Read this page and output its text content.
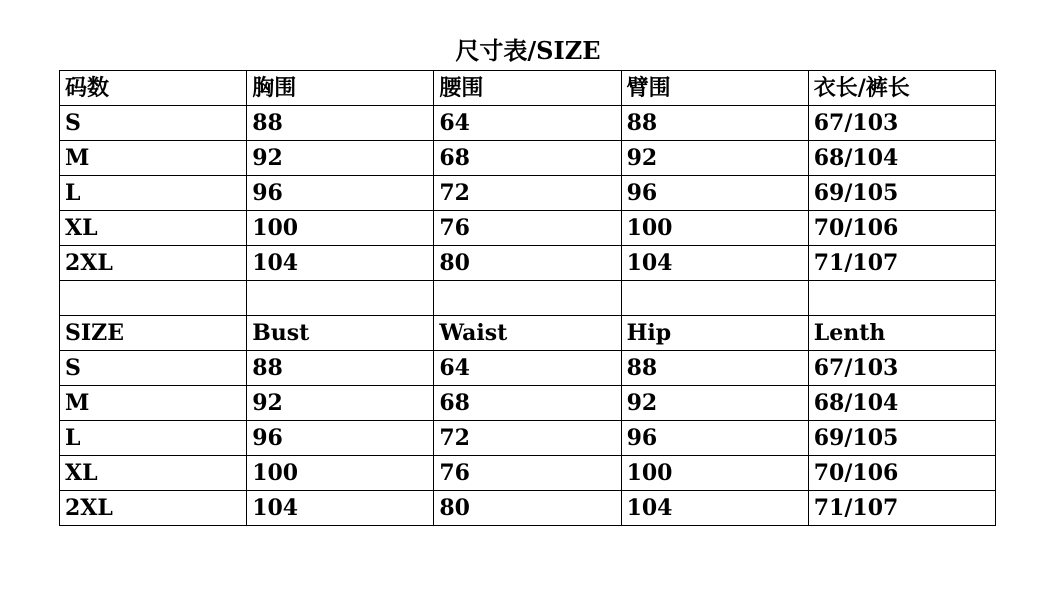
尺寸表/SIZE
码数	胸围	腰围	臂围	衣长/裤长
S	88	64	88	67/103
M	92	68	92	68/104
L	96	72	96	69/105
XL	100	76	100	70/106
2XL	104	80	104	71/107

SIZE	Bust	Waist	Hip	Lenth
S	88	64	88	67/103
M	92	68	92	68/104
L	96	72	96	69/105
XL	100	76	100	70/106
2XL	104	80	104	71/107
